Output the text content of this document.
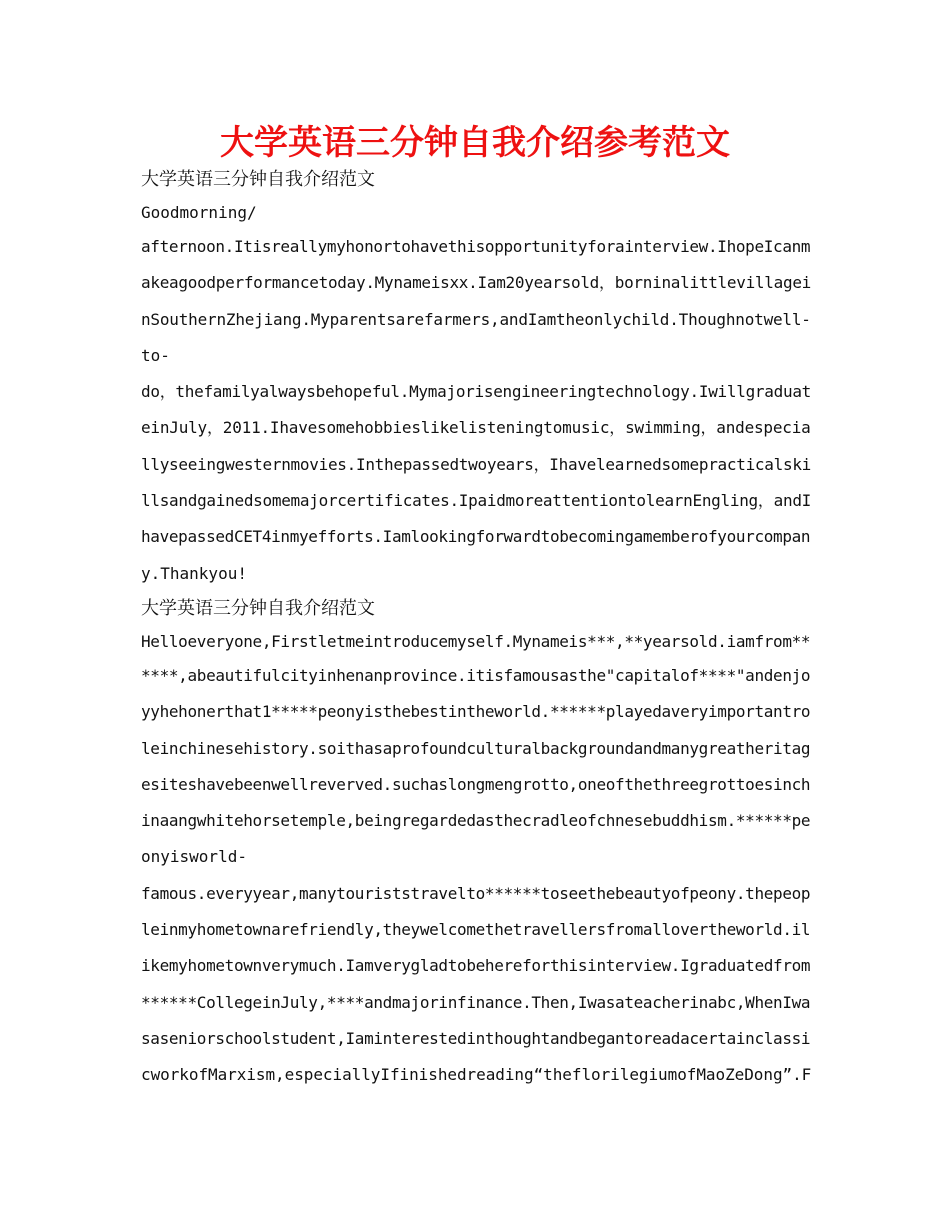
大学英语三分钟自我介绍参考范文
大学英语三分钟自我介绍范文
Goodmorning/
afternoon.Itisreallymyhonortohavethisopportunityforainterview.IhopeIcanm
akeagoodperformancetoday.Mynameisxx.Iam20yearsold，borninalittlevillagei
nSouthernZhejiang.Myparentsarefarmers,andIamtheonlychild.Thoughnotwell-
to-
do，thefamilyalwaysbehopeful.Mymajorisengineeringtechnology.Iwillgraduat
einJuly，2011.Ihavesomehobbieslikelisteningtomusic，swimming，andespecia
llyseeingwesternmovies.Inthepassedtwoyears，Ihavelearnedsomepracticalski
llsandgainedsomemajorcertificates.IpaidmoreattentiontolearnEngling，andI
havepassedCET4inmyefforts.Iamlookingforwardtobecomingamemberofyourcompan
y.Thankyou!
大学英语三分钟自我介绍范文
Helloeveryone,Firstletmeintroducemyself.Mynameis***,**yearsold.iamfrom**
****,abeautifulcityinhenanprovince.itisfamousasthe"capitalof****"andenjo
yyhehonerthat1*****peonyisthebestintheworld.******playedaveryimportantro
leinchinesehistory.soithasaprofoundculturalbackgroundandmanygreatheritag
esiteshavebeenwellreverved.suchaslongmengrotto,oneofthethreegrottoesinch
inaangwhitehorsetemple,beingregardedasthecradleofchnesebuddhism.******pe
onyisworld-
famous.everyyear,manytouriststravelto******toseethebeautyofpeony.thepeop
leinmyhometownarefriendly,theywelcomethetravellersfromallovertheworld.il
ikemyhometownverymuch.Iamverygladtobehereforthisinterview.Igraduatedfrom
******CollegeinJuly,****andmajorinfinance.Then,Iwasateacherinabc,WhenIwa
saseniorschoolstudent,Iaminterestedinthoughtandbegantoreadacertainclassi
cworkofMarxism,especiallyIfinishedreading“theflorilegiumofMaoZeDong”.F
